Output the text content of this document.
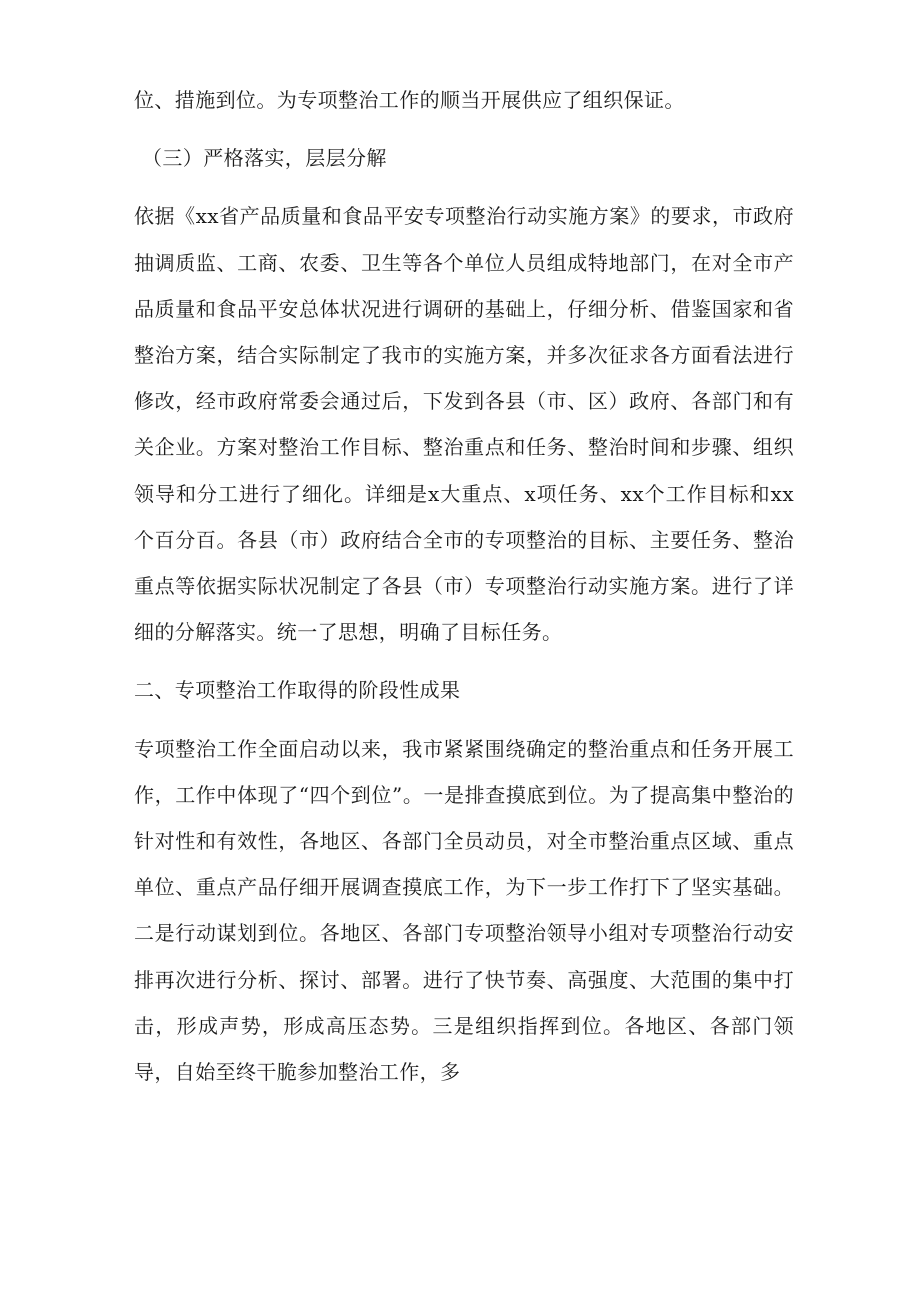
位、措施到位。为专项整治工作的顺当开展供应了组织保证。

（三）严格落实，层层分解

依据《xx省产品质量和食品平安专项整治行动实施方案》的要求，市政府抽调质监、工商、农委、卫生等各个单位人员组成特地部门，在对全市产品质量和食品平安总体状况进行调研的基础上，仔细分析、借鉴国家和省整治方案，结合实际制定了我市的实施方案，并多次征求各方面看法进行修改，经市政府常委会通过后，下发到各县（市、区）政府、各部门和有关企业。方案对整治工作目标、整治重点和任务、整治时间和步骤、组织领导和分工进行了细化。详细是x大重点、x项任务、xx个工作目标和xx个百分百。各县（市）政府结合全市的专项整治的目标、主要任务、整治重点等依据实际状况制定了各县（市）专项整治行动实施方案。进行了详细的分解落实。统一了思想，明确了目标任务。

二、专项整治工作取得的阶段性成果

专项整治工作全面启动以来，我市紧紧围绕确定的整治重点和任务开展工作，工作中体现了“四个到位”。一是排查摸底到位。为了提高集中整治的针对性和有效性，各地区、各部门全员动员，对全市整治重点区域、重点单位、重点产品仔细开展调查摸底工作，为下一步工作打下了坚实基础。二是行动谋划到位。各地区、各部门专项整治领导小组对专项整治行动安排再次进行分析、探讨、部署。进行了快节奏、高强度、大范围的集中打击，形成声势，形成高压态势。三是组织指挥到位。各地区、各部门领导，自始至终干脆参加整治工作，多
